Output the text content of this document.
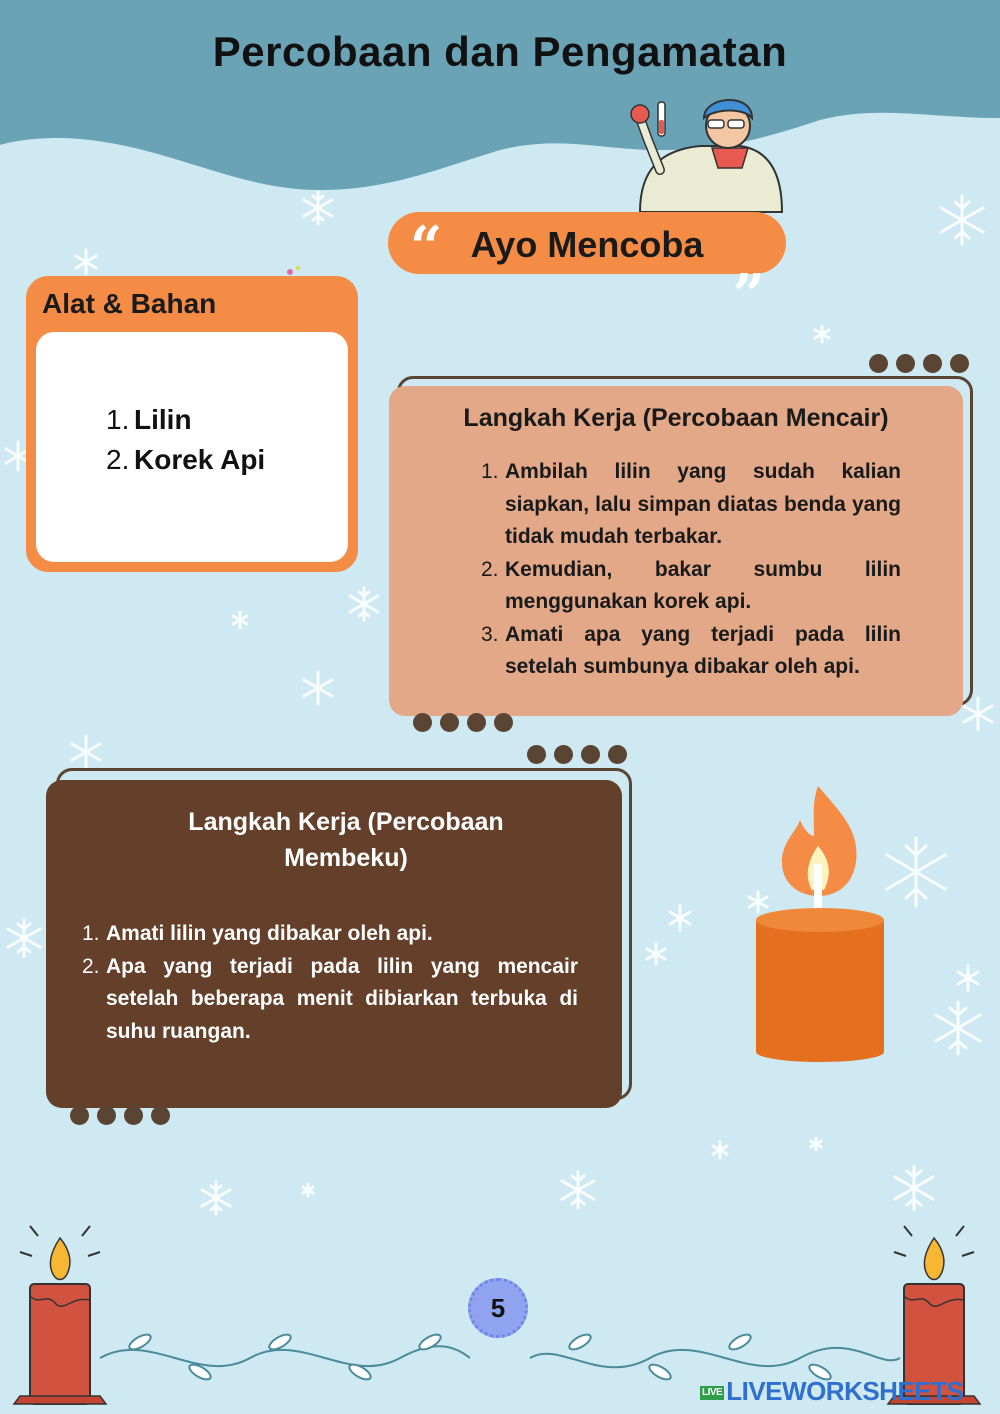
Percobaan dan Pengamatan
“ Ayo Mencoba „
Alat & Bahan
1. Lilin
2. Korek Api
Langkah Kerja (Percobaan Mencair)
1. Ambilah lilin yang sudah kalian siapkan, lalu simpan diatas benda yang tidak mudah terbakar.
2. Kemudian, bakar sumbu lilin menggunakan korek api.
3. Amati apa yang terjadi pada lilin setelah sumbunya dibakar oleh api.
Langkah Kerja (Percobaan
Membeku)
1. Amati lilin yang dibakar oleh api.
2. Apa yang terjadi pada lilin yang mencair setelah beberapa menit dibiarkan terbuka di suhu ruangan.
5
LIVE LIVEWORKSHEETS
